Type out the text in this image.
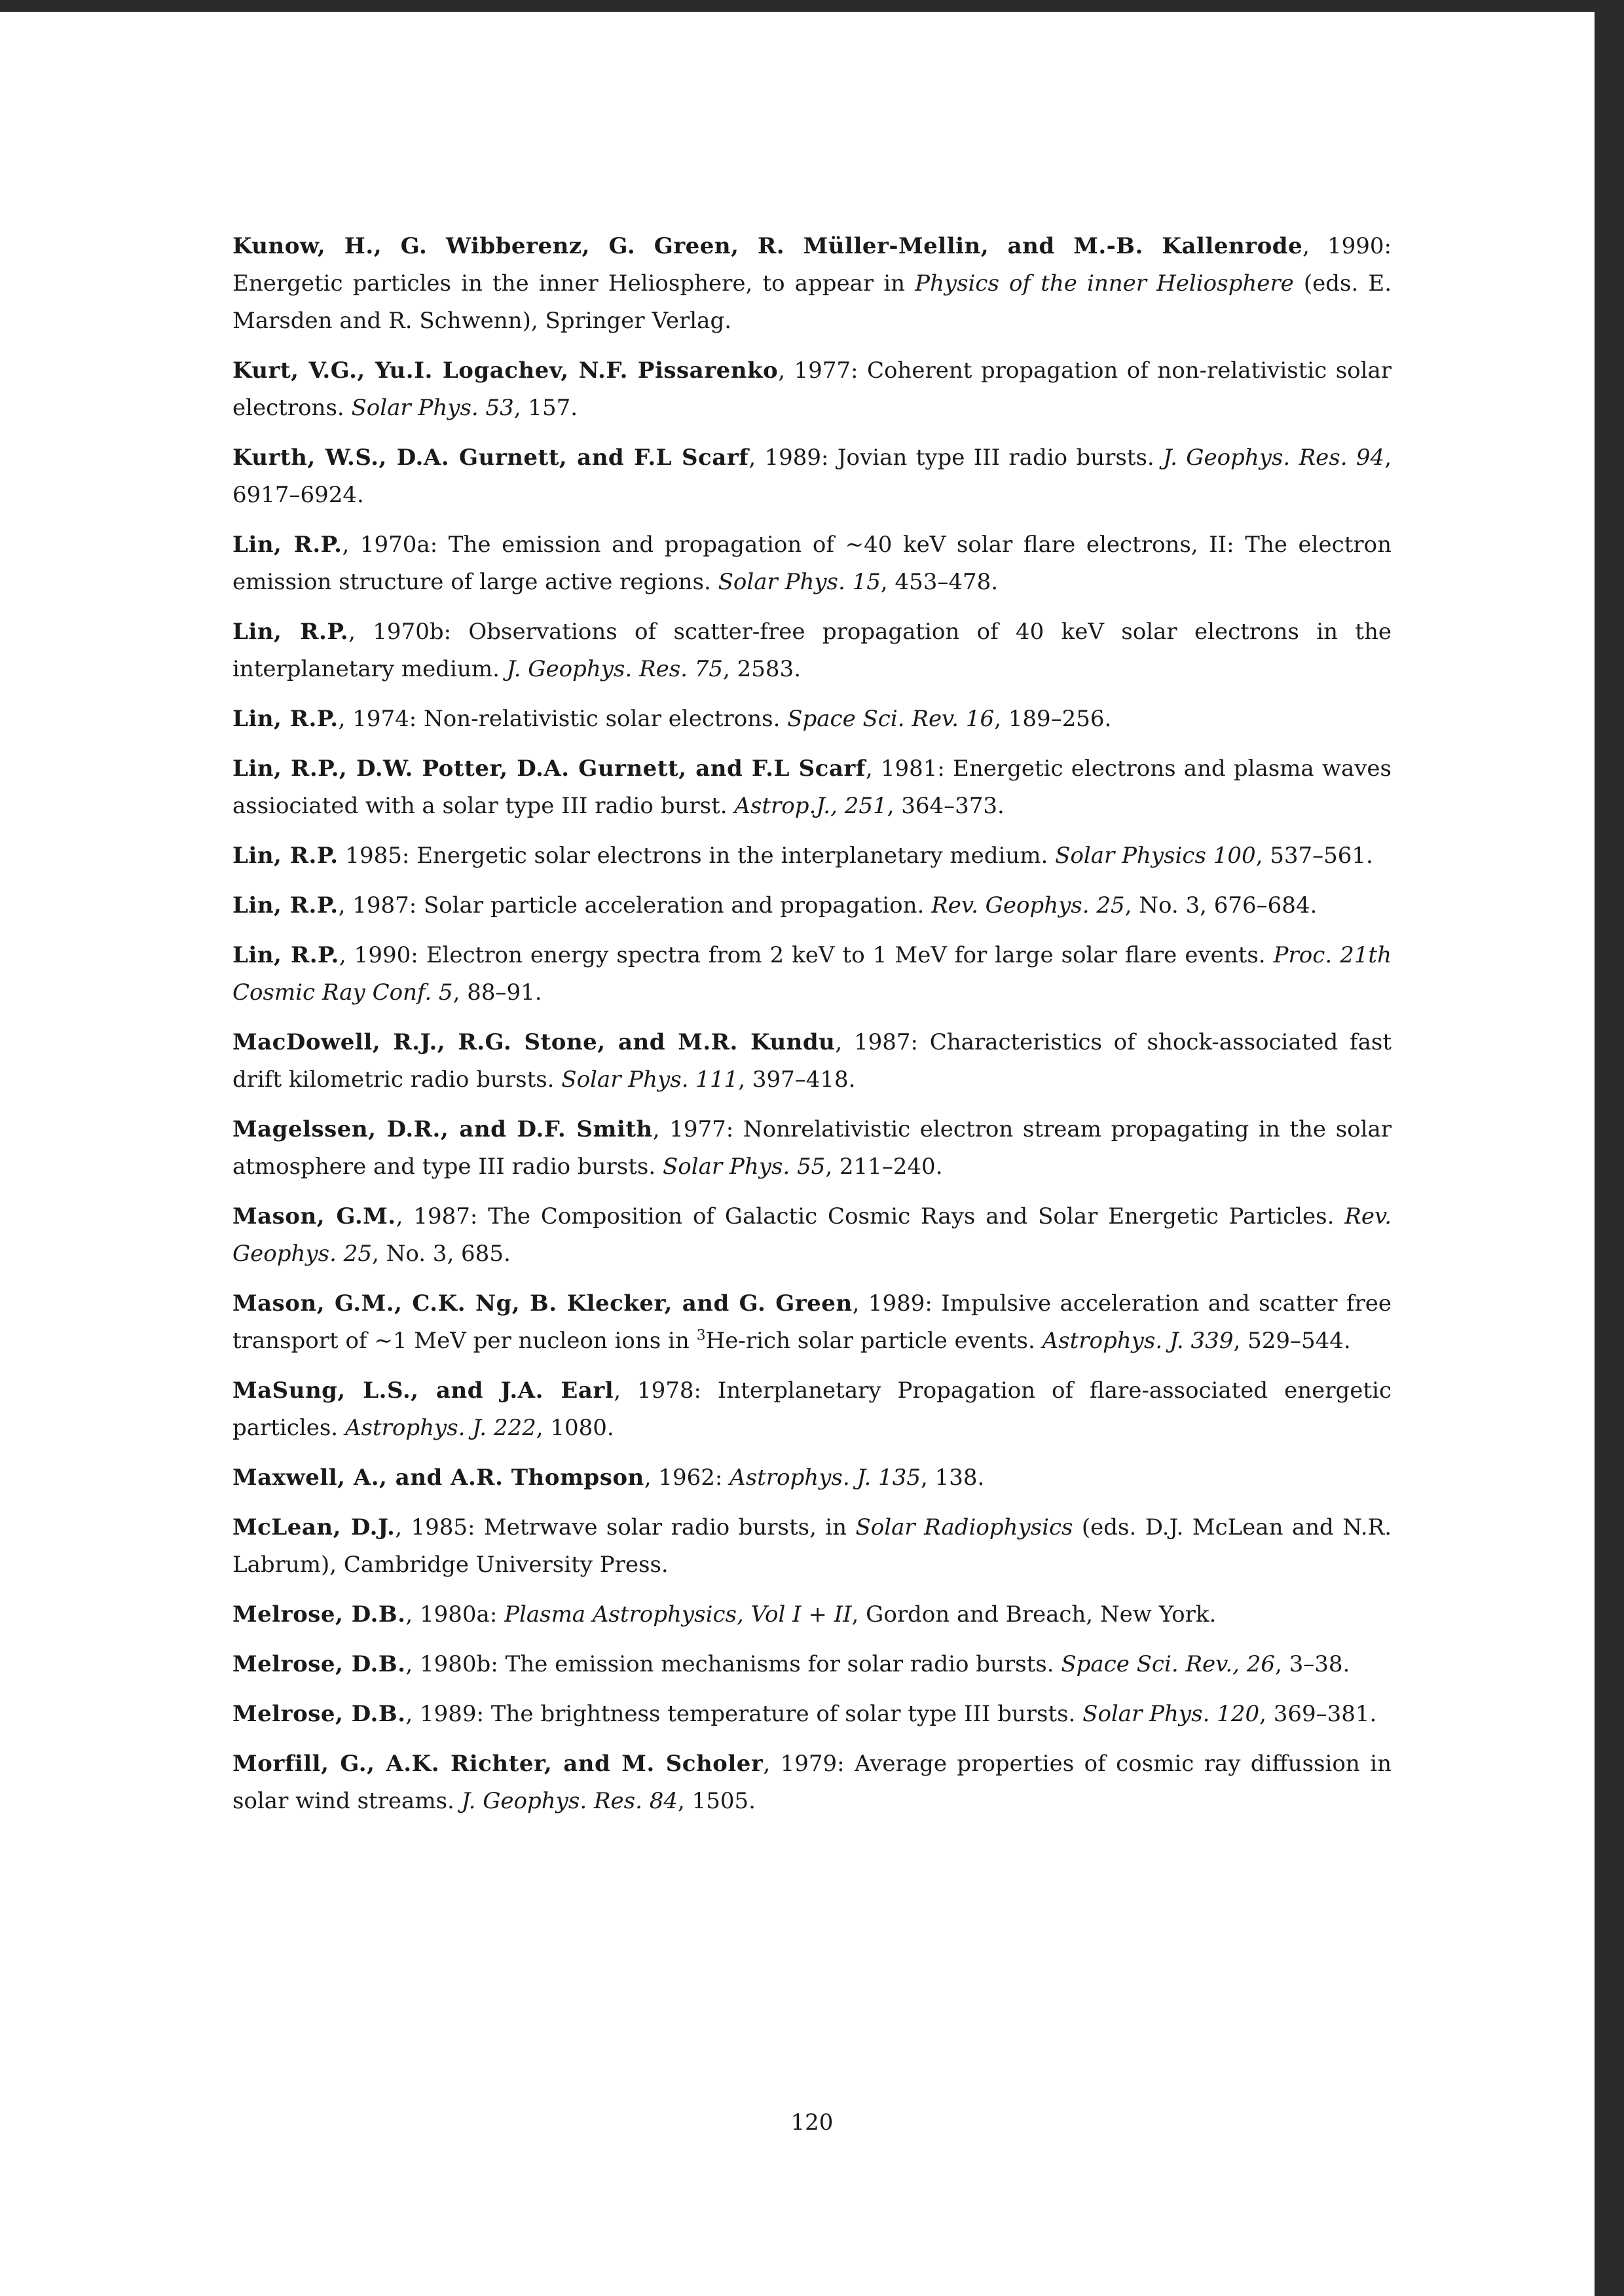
Kunow, H., G. Wibberenz, G. Green, R. Müller-Mellin, and M.-B. Kallenrode, 1990: Energetic particles in the inner Heliosphere, to appear in Physics of the inner Heliosphere (eds. E. Marsden and R. Schwenn), Springer Verlag.

Kurt, V.G., Yu.I. Logachev, N.F. Pissarenko, 1977: Coherent propagation of non-relativistic solar electrons. Solar Phys. 53, 157.

Kurth, W.S., D.A. Gurnett, and F.L Scarf, 1989: Jovian type III radio bursts. J. Geophys. Res. 94, 6917–6924.

Lin, R.P., 1970a: The emission and propagation of ∼40 keV solar flare electrons, II: The electron emission structure of large active regions. Solar Phys. 15, 453–478.

Lin, R.P., 1970b: Observations of scatter-free propagation of 40 keV solar electrons in the interplanetary medium. J. Geophys. Res. 75, 2583.

Lin, R.P., 1974: Non-relativistic solar electrons. Space Sci. Rev. 16, 189–256.

Lin, R.P., D.W. Potter, D.A. Gurnett, and F.L Scarf, 1981: Energetic electrons and plasma waves assiociated with a solar type III radio burst. Astrop.J., 251, 364–373.

Lin, R.P. 1985: Energetic solar electrons in the interplanetary medium. Solar Physics 100, 537–561.

Lin, R.P., 1987: Solar particle acceleration and propagation. Rev. Geophys. 25, No. 3, 676–684.

Lin, R.P., 1990: Electron energy spectra from 2 keV to 1 MeV for large solar flare events. Proc. 21th Cosmic Ray Conf. 5, 88–91.

MacDowell, R.J., R.G. Stone, and M.R. Kundu, 1987: Characteristics of shock-associated fast drift kilometric radio bursts. Solar Phys. 111, 397–418.

Magelssen, D.R., and D.F. Smith, 1977: Nonrelativistic electron stream propagating in the solar atmosphere and type III radio bursts. Solar Phys. 55, 211–240.

Mason, G.M., 1987: The Composition of Galactic Cosmic Rays and Solar Energetic Particles. Rev. Geophys. 25, No. 3, 685.

Mason, G.M., C.K. Ng, B. Klecker, and G. Green, 1989: Impulsive acceleration and scatter free transport of ∼1 MeV per nucleon ions in $^3$He-rich solar particle events. Astrophys. J. 339, 529–544.

MaSung, L.S., and J.A. Earl, 1978: Interplanetary Propagation of flare-associated energetic particles. Astrophys. J. 222, 1080.

Maxwell, A., and A.R. Thompson, 1962: Astrophys. J. 135, 138.

McLean, D.J., 1985: Metrwave solar radio bursts, in Solar Radiophysics (eds. D.J. McLean and N.R. Labrum), Cambridge University Press.

Melrose, D.B., 1980a: Plasma Astrophysics, Vol I + II, Gordon and Breach, New York.

Melrose, D.B., 1980b: The emission mechanisms for solar radio bursts. Space Sci. Rev., 26, 3–38.

Melrose, D.B., 1989: The brightness temperature of solar type III bursts. Solar Phys. 120, 369–381.

Morfill, G., A.K. Richter, and M. Scholer, 1979: Average properties of cosmic ray diffussion in solar wind streams. J. Geophys. Res. 84, 1505.

120
